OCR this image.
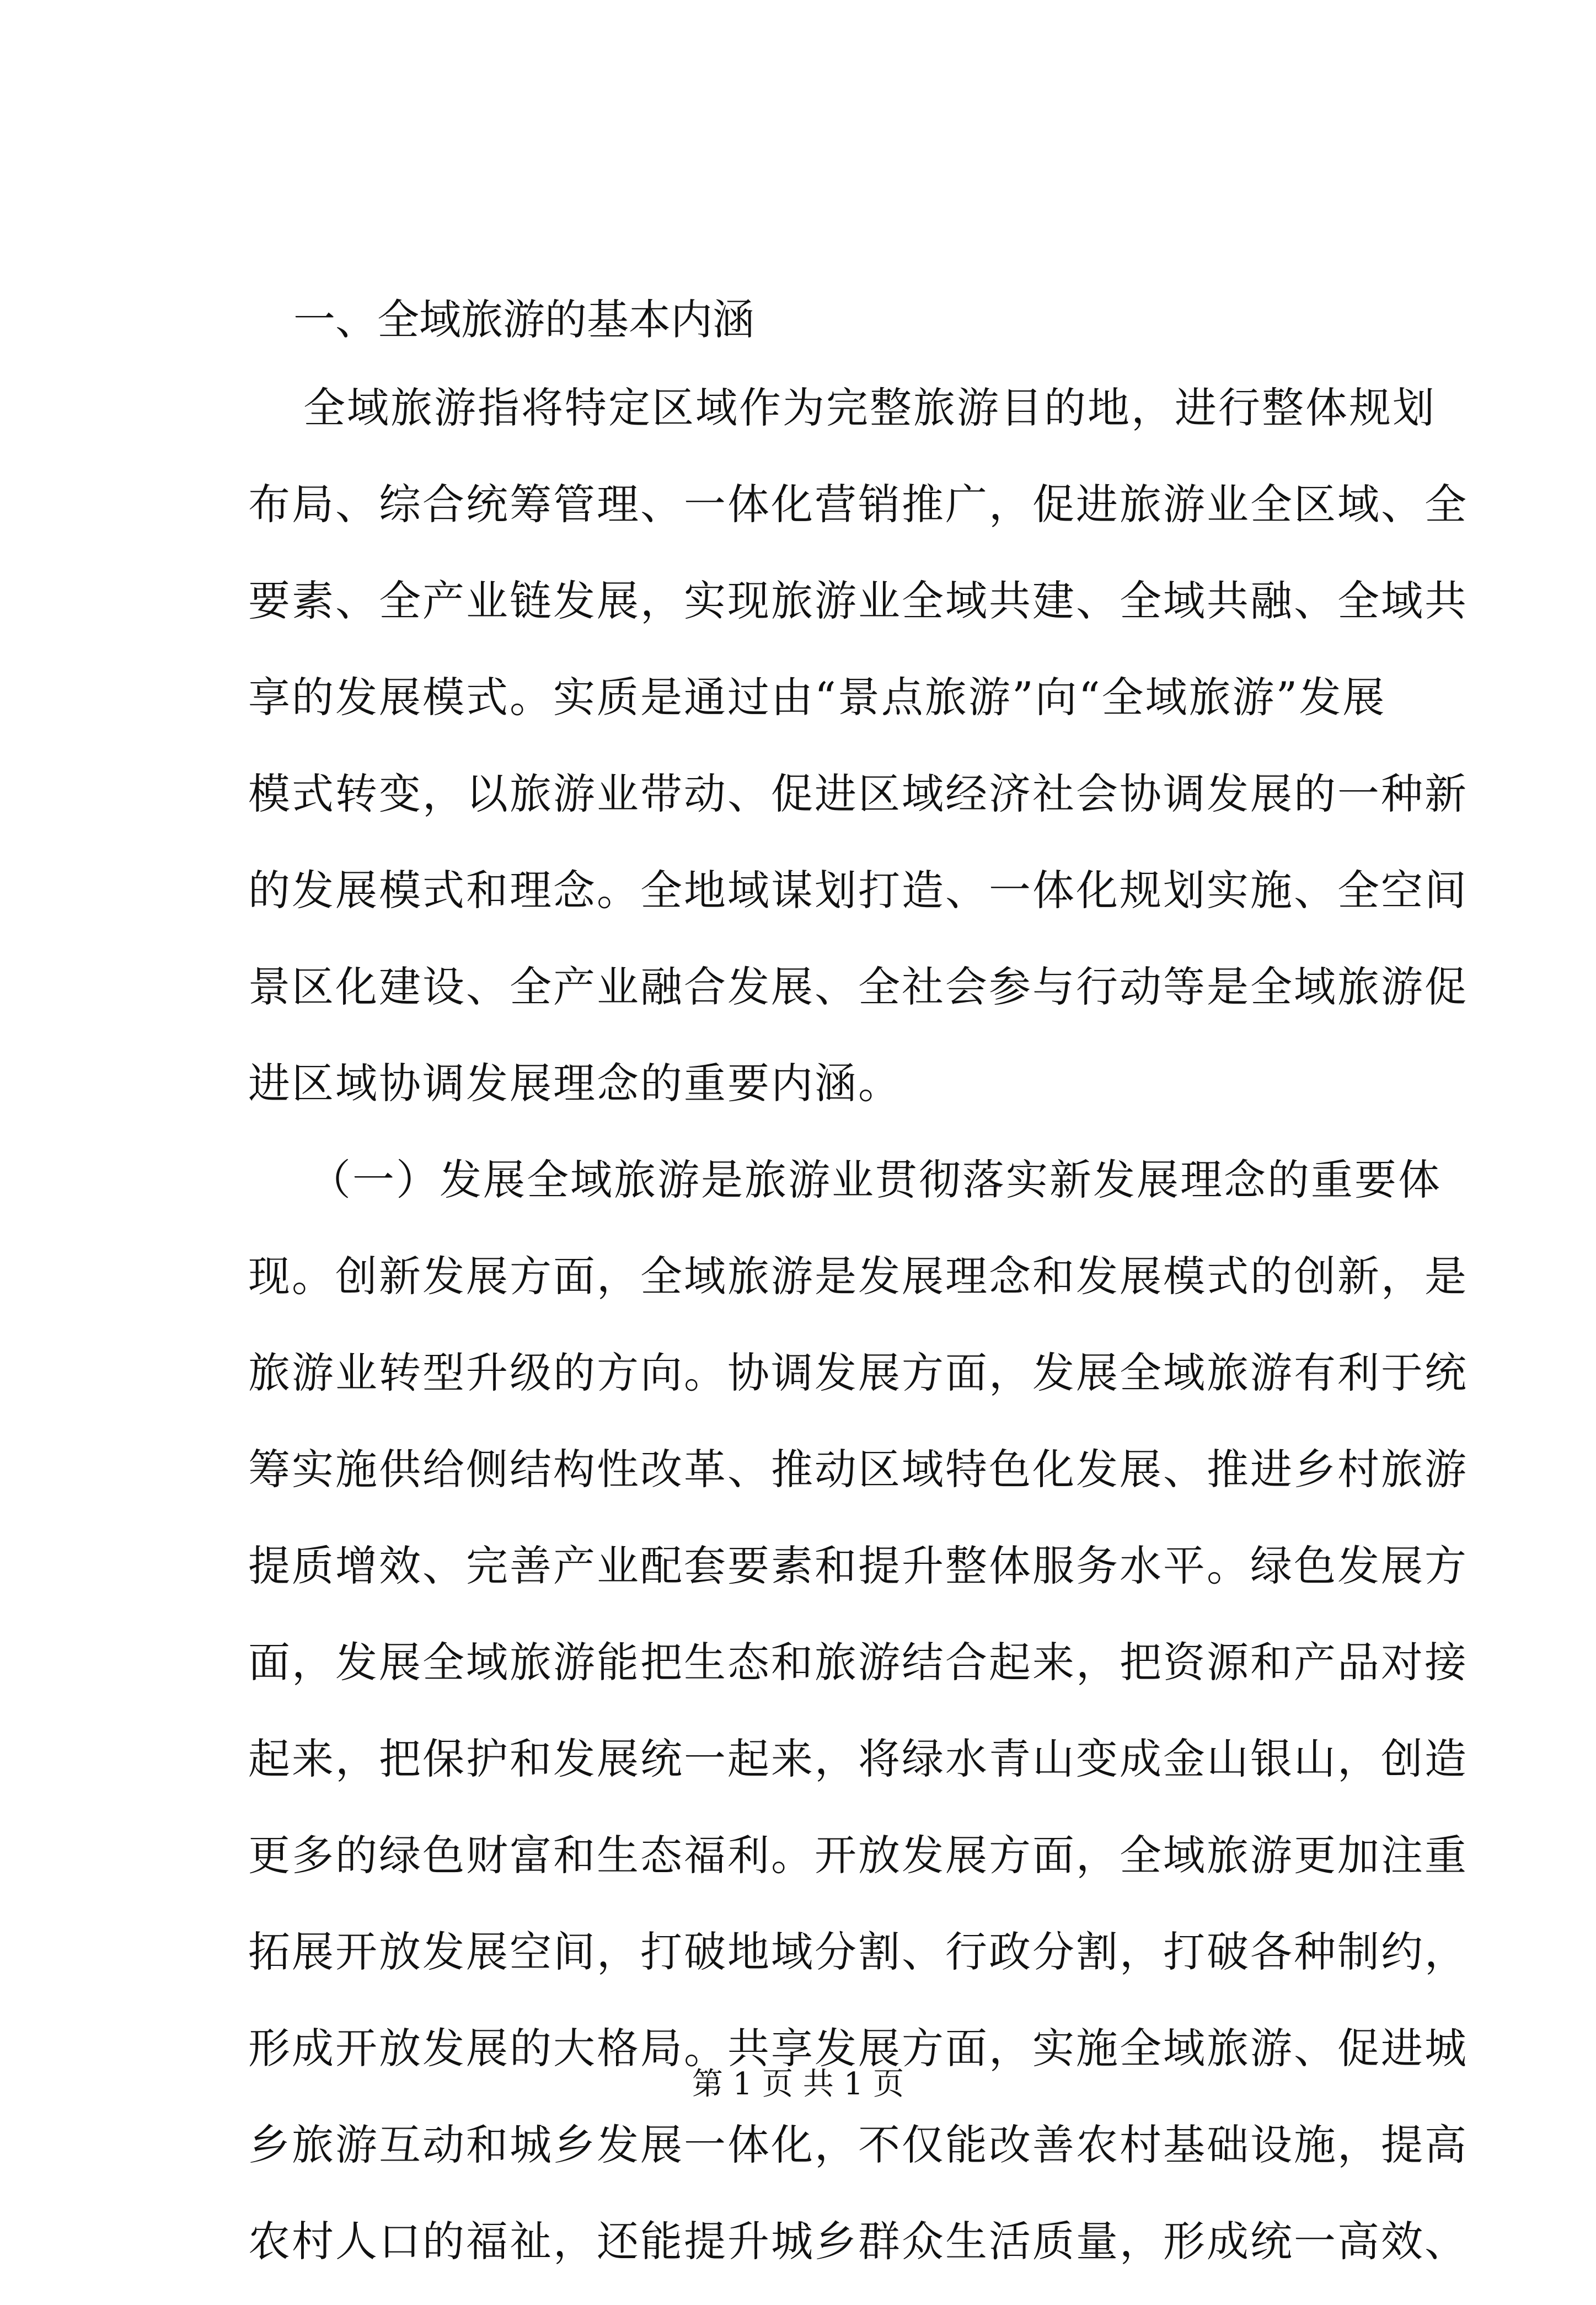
一、全域旅游的基本内涵
全域旅游指将特定区域作为完整旅游目的地，进行整体规划
布局、综合统筹管理、一体化营销推广，促进旅游业全区域、全
要素、全产业链发展，实现旅游业全域共建、全域共融、全域共
享的发展模式。实质是通过由“景点旅游”向“全域旅游”发展
模式转变，以旅游业带动、促进区域经济社会协调发展的一种新
的发展模式和理念。全地域谋划打造、一体化规划实施、全空间
景区化建设、全产业融合发展、全社会参与行动等是全域旅游促
进区域协调发展理念的重要内涵。
（一）发展全域旅游是旅游业贯彻落实新发展理念的重要体
现。创新发展方面，全域旅游是发展理念和发展模式的创新，是
旅游业转型升级的方向。协调发展方面，发展全域旅游有利于统
筹实施供给侧结构性改革、推动区域特色化发展、推进乡村旅游
提质增效、完善产业配套要素和提升整体服务水平。绿色发展方
面，发展全域旅游能把生态和旅游结合起来，把资源和产品对接
起来，把保护和发展统一起来，将绿水青山变成金山银山，创造
更多的绿色财富和生态福利。开放发展方面，全域旅游更加注重
拓展开放发展空间，打破地域分割、行政分割，打破各种制约，
形成开放发展的大格局。共享发展方面，实施全域旅游、促进城
乡旅游互动和城乡发展一体化，不仅能改善农村基础设施，提高
农村人口的福祉，还能提升城乡群众生活质量，形成统一高效、
第 1 页 共 1 页
